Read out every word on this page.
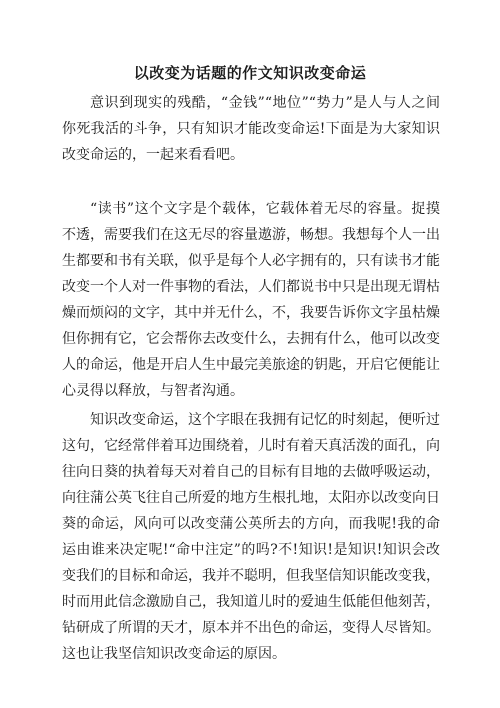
以改变为话题的作文知识改变命运

意识到现实的残酷，“金钱”“地位”“势力”是人与人之间你死我活的斗争，只有知识才能改变命运!下面是为大家知识改变命运的，一起来看看吧。

“读书”这个文字是个载体，它载体着无尽的容量。捉摸不透，需要我们在这无尽的容量遨游，畅想。我想每个人一出生都要和书有关联，似乎是每个人必字拥有的，只有读书才能改变一个人对一件事物的看法，人们都说书中只是出现无谓枯燥而烦闷的文字，其中并无什么，不，我要告诉你文字虽枯燥但你拥有它，它会帮你去改变什么，去拥有什么，他可以改变人的命运，他是开启人生中最完美旅途的钥匙，开启它便能让心灵得以释放，与智者沟通。

知识改变命运，这个字眼在我拥有记忆的时刻起，便听过这句，它经常伴着耳边围绕着，儿时有着天真活泼的面孔，向往向日葵的执着每天对着自己的目标有目地的去做呼吸运动，向往蒲公英飞往自己所爱的地方生根扎地，太阳亦以改变向日葵的命运，风向可以改变蒲公英所去的方向，而我呢!我的命运由谁来决定呢!“命中注定”的吗?不!知识!是知识!知识会改变我们的目标和命运，我并不聪明，但我坚信知识能改变我，时而用此信念激励自己，我知道儿时的爱迪生低能但他刻苦，钻研成了所谓的天才，原本并不出色的命运，变得人尽皆知。这也让我坚信知识改变命运的原因。
